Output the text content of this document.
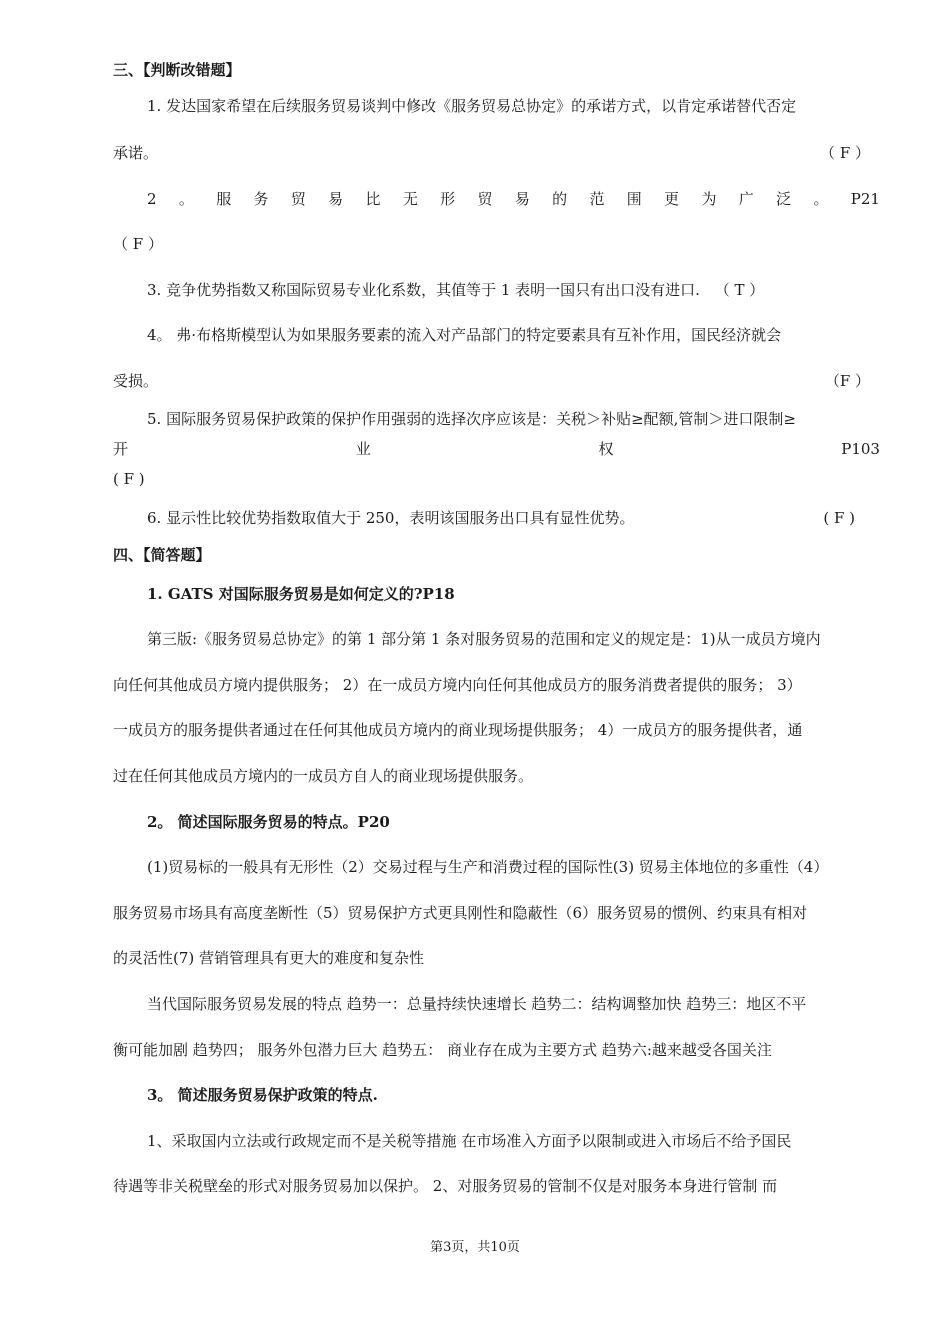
三、【判断改错题】
1. 发达国家希望在后续服务贸易谈判中修改《服务贸易总协定》的承诺方式，以肯定承诺替代否定
承诺。	（ F ）
2 。 服 务 贸 易 比 无 形 贸 易 的 范 围 更 为 广 泛 。 P21
（ F ）
3. 竞争优势指数又称国际贸易专业化系数，其值等于 1 表明一国只有出口没有进口. （ T ）
4。 弗·布格斯模型认为如果服务要素的流入对产品部门的特定要素具有互补作用，国民经济就会
受损。	（F ）
5. 国际服务贸易保护政策的保护作用强弱的选择次序应该是：关税＞补贴≥配额,管制＞进口限制≥
开	业	权	P103
( F )
6. 显示性比较优势指数取值大于 250，表明该国服务出口具有显性优势。	( F )
四、【简答题】
1. GATS 对国际服务贸易是如何定义的?P18
第三版:《服务贸易总协定》的第 1 部分第 1 条对服务贸易的范围和定义的规定是：1)从一成员方境内
向任何其他成员方境内提供服务； 2）在一成员方境内向任何其他成员方的服务消费者提供的服务； 3）
一成员方的服务提供者通过在任何其他成员方境内的商业现场提供服务； 4）一成员方的服务提供者，通
过在任何其他成员方境内的一成员方自人的商业现场提供服务。
2。 简述国际服务贸易的特点。P20
(1)贸易标的一般具有无形性（2）交易过程与生产和消费过程的国际性(3) 贸易主体地位的多重性（4）
服务贸易市场具有高度垄断性（5）贸易保护方式更具刚性和隐蔽性（6）服务贸易的惯例、约束具有相对
的灵活性(7) 营销管理具有更大的难度和复杂性
当代国际服务贸易发展的特点 趋势一：总量持续快速增长 趋势二：结构调整加快 趋势三：地区不平
衡可能加剧 趋势四； 服务外包潜力巨大 趋势五： 商业存在成为主要方式 趋势六:越来越受各国关注
3。 简述服务贸易保护政策的特点.
1、采取国内立法或行政规定而不是关税等措施 在市场准入方面予以限制或进入市场后不给予国民
待遇等非关税壁垒的形式对服务贸易加以保护。 2、对服务贸易的管制不仅是对服务本身进行管制 而
第3页，共10页
